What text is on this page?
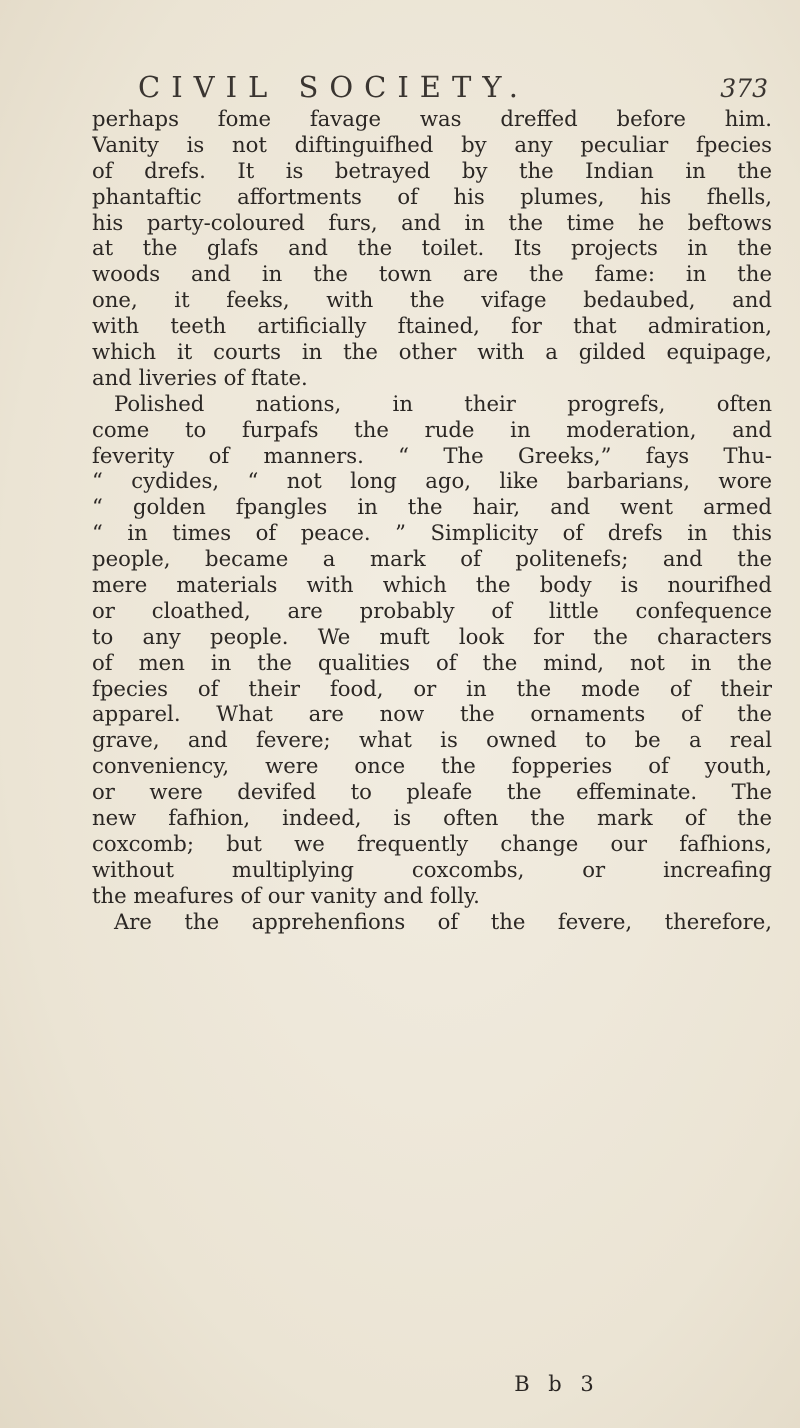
CIVIL SOCIETY.	373
perhaps fome favage was dreffed before him.
Vanity is not diftinguifhed by any peculiar fpecies
of drefs. It is betrayed by the Indian in the
phantaftic affortments of his plumes, his fhells,
his party-coloured furs, and in the time he beftows
at the glafs and the toilet. Its projects in the
woods and in the town are the fame: in the
one, it feeks, with the vifage bedaubed, and
with teeth artificially ftained, for that admiration,
which it courts in the other with a gilded equipage,
and liveries of ftate.
Polished nations, in their progrefs, often
come to furpafs the rude in moderation, and
feverity of manners. “ The Greeks,” fays Thu-
“ cydides, “ not long ago, like barbarians, wore
“ golden fpangles in the hair, and went armed
“ in times of peace. ” Simplicity of drefs in this
people, became a mark of politenefs; and the
mere materials with which the body is nourifhed
or cloathed, are probably of little confequence
to any people. We muft look for the characters
of men in the qualities of the mind, not in the
fpecies of their food, or in the mode of their
apparel. What are now the ornaments of the
grave, and fevere; what is owned to be a real
conveniency, were once the fopperies of youth,
or were devifed to pleafe the effeminate. The
new fafhion, indeed, is often the mark of the
coxcomb; but we frequently change our fafhions,
without multiplying coxcombs, or increafing
the meafures of our vanity and folly.
Are the apprehenfions of the fevere, therefore,
B b 3
